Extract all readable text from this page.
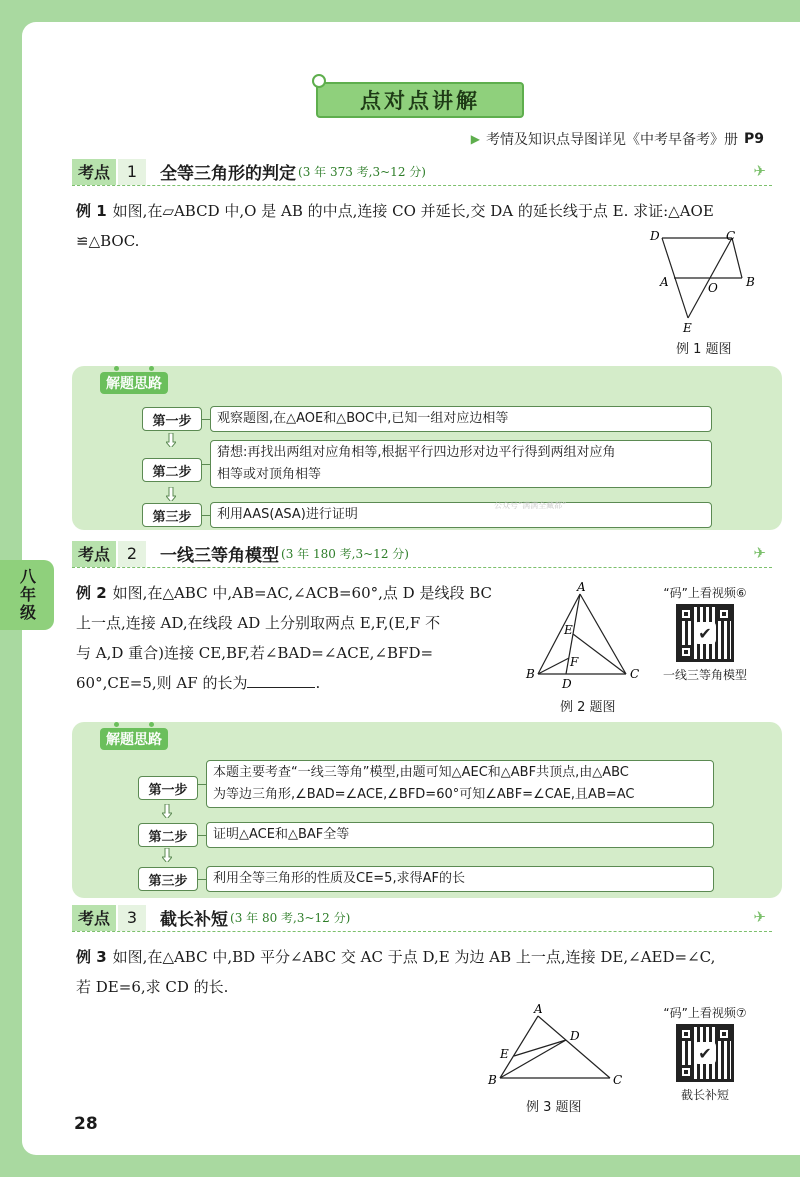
八年级
点对点讲解
▶ 考情及知识点导图详见《中考早备考》册 P9
考点	1	全等三角形的判定 (3 年 373 考,3~12 分)	✈
例 1 如图,在▱ABCD 中,O 是 AB 的中点,连接 CO 并延长,交 DA 的延长线于点 E. 求证:△AOE
≌△BOC.	D	C
A	O B
E
例 1 题图
解题思路
第一步	观察题图,在△AOE和△BOC中,已知一组对应边相等
第二步
猜想:再找出两组对应角相等,根据平行四边形对边平行得到两组对应角
相等或对顶角相等
第三步	利用AAS(ASA)进行证明
公众号“满满全藏都”
考点	2	一线三等角模型 (3 年 180 考,3~12 分)	✈
例 2 如图,在△ABC 中,AB=AC,∠ACB=60°,点 D 是线段 BC
上一点,连接 AD,在线段 AD 上分别取两点 E,F,(E,F 不
与 A,D 重合)连接 CE,BF,若∠BAD=∠ACE,∠BFD=
60°,CE=5,则 AF 的长为	.
A
E
F
B
D
C
例 2 题图
“码”上看视频⑥
✔
一线三等角模型
解题思路
第一步
本题主要考查“一线三等角”模型,由题可知△AEC和△ABF共顶点,由△ABC
为等边三角形,∠BAD=∠ACE,∠BFD=60°可知∠ABF=∠CAE,且AB=AC
第二步	证明△ACE和△BAF全等
第三步	利用全等三角形的性质及CE=5,求得AF的长
考点	3	截长补短 (3 年 80 考,3~12 分)	✈
例 3 如图,在△ABC 中,BD 平分∠ABC 交 AC 于点 D,E 为边 AB 上一点,连接 DE,∠AED=∠C,
若 DE=6,求 CD 的长.
A
D
E
B	C
例 3 题图
“码”上看视频⑦
✔
截长补短
28
